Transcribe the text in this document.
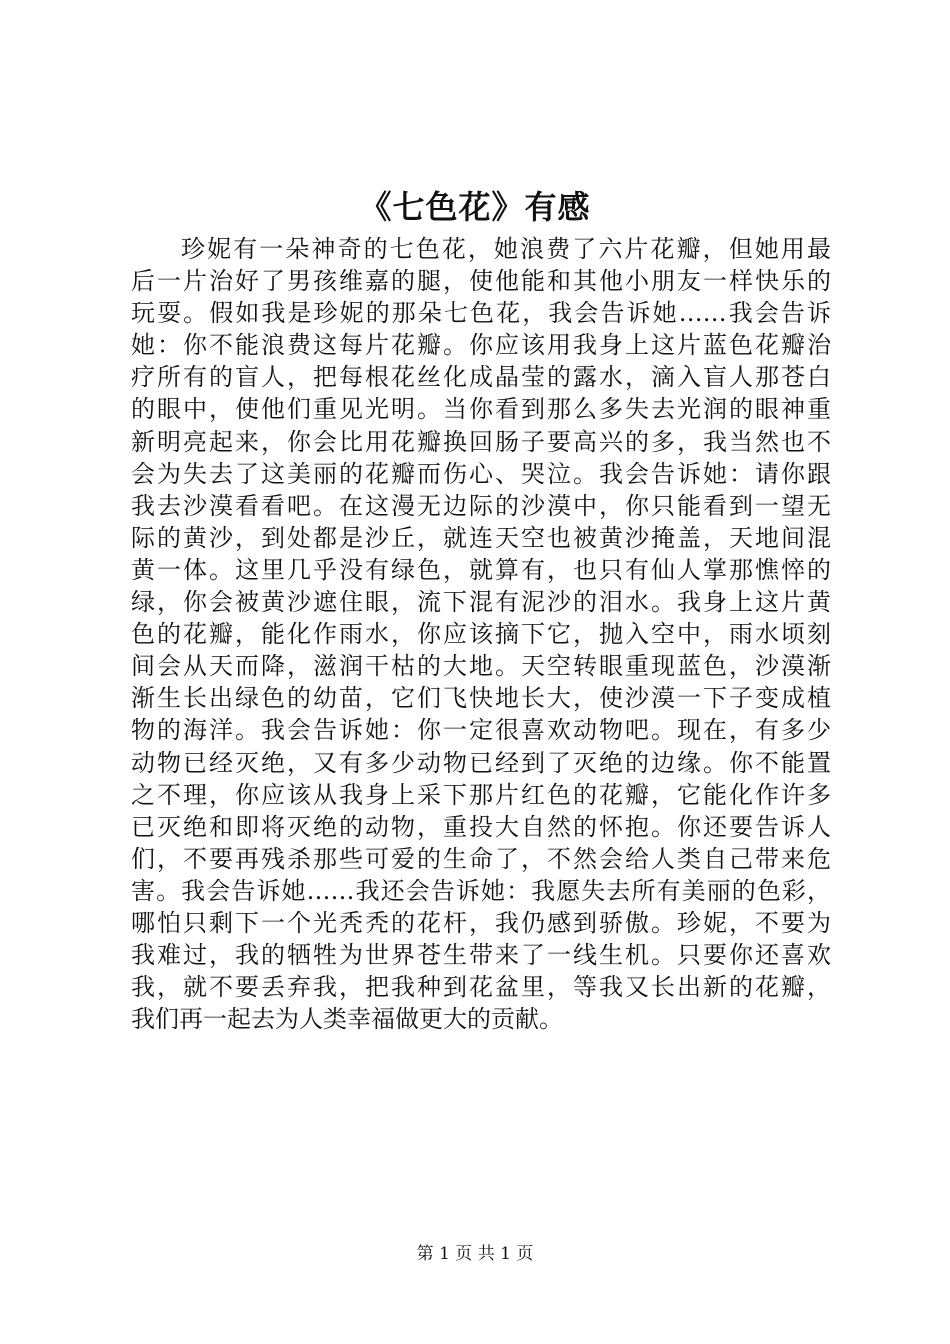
《七色花》有感
珍妮有一朵神奇的七色花，她浪费了六片花瓣，但她用最
后一片治好了男孩维嘉的腿，使他能和其他小朋友一样快乐的
玩耍。假如我是珍妮的那朵七色花，我会告诉她……我会告诉
她：你不能浪费这每片花瓣。你应该用我身上这片蓝色花瓣治
疗所有的盲人，把每根花丝化成晶莹的露水，滴入盲人那苍白
的眼中，使他们重见光明。当你看到那么多失去光润的眼神重
新明亮起来，你会比用花瓣换回肠子要高兴的多，我当然也不
会为失去了这美丽的花瓣而伤心、哭泣。我会告诉她：请你跟
我去沙漠看看吧。在这漫无边际的沙漠中，你只能看到一望无
际的黄沙，到处都是沙丘，就连天空也被黄沙掩盖，天地间混
黄一体。这里几乎没有绿色，就算有，也只有仙人掌那憔悴的
绿，你会被黄沙遮住眼，流下混有泥沙的泪水。我身上这片黄
色的花瓣，能化作雨水，你应该摘下它，抛入空中，雨水顷刻
间会从天而降，滋润干枯的大地。天空转眼重现蓝色，沙漠渐
渐生长出绿色的幼苗，它们飞快地长大，使沙漠一下子变成植
物的海洋。我会告诉她：你一定很喜欢动物吧。现在，有多少
动物已经灭绝，又有多少动物已经到了灭绝的边缘。你不能置
之不理，你应该从我身上采下那片红色的花瓣，它能化作许多
已灭绝和即将灭绝的动物，重投大自然的怀抱。你还要告诉人
们，不要再残杀那些可爱的生命了，不然会给人类自己带来危
害。我会告诉她……我还会告诉她：我愿失去所有美丽的色彩，
哪怕只剩下一个光秃秃的花杆，我仍感到骄傲。珍妮，不要为
我难过，我的牺牲为世界苍生带来了一线生机。只要你还喜欢
我，就不要丢弃我，把我种到花盆里，等我又长出新的花瓣，
我们再一起去为人类幸福做更大的贡献。
第 1 页 共 1 页
